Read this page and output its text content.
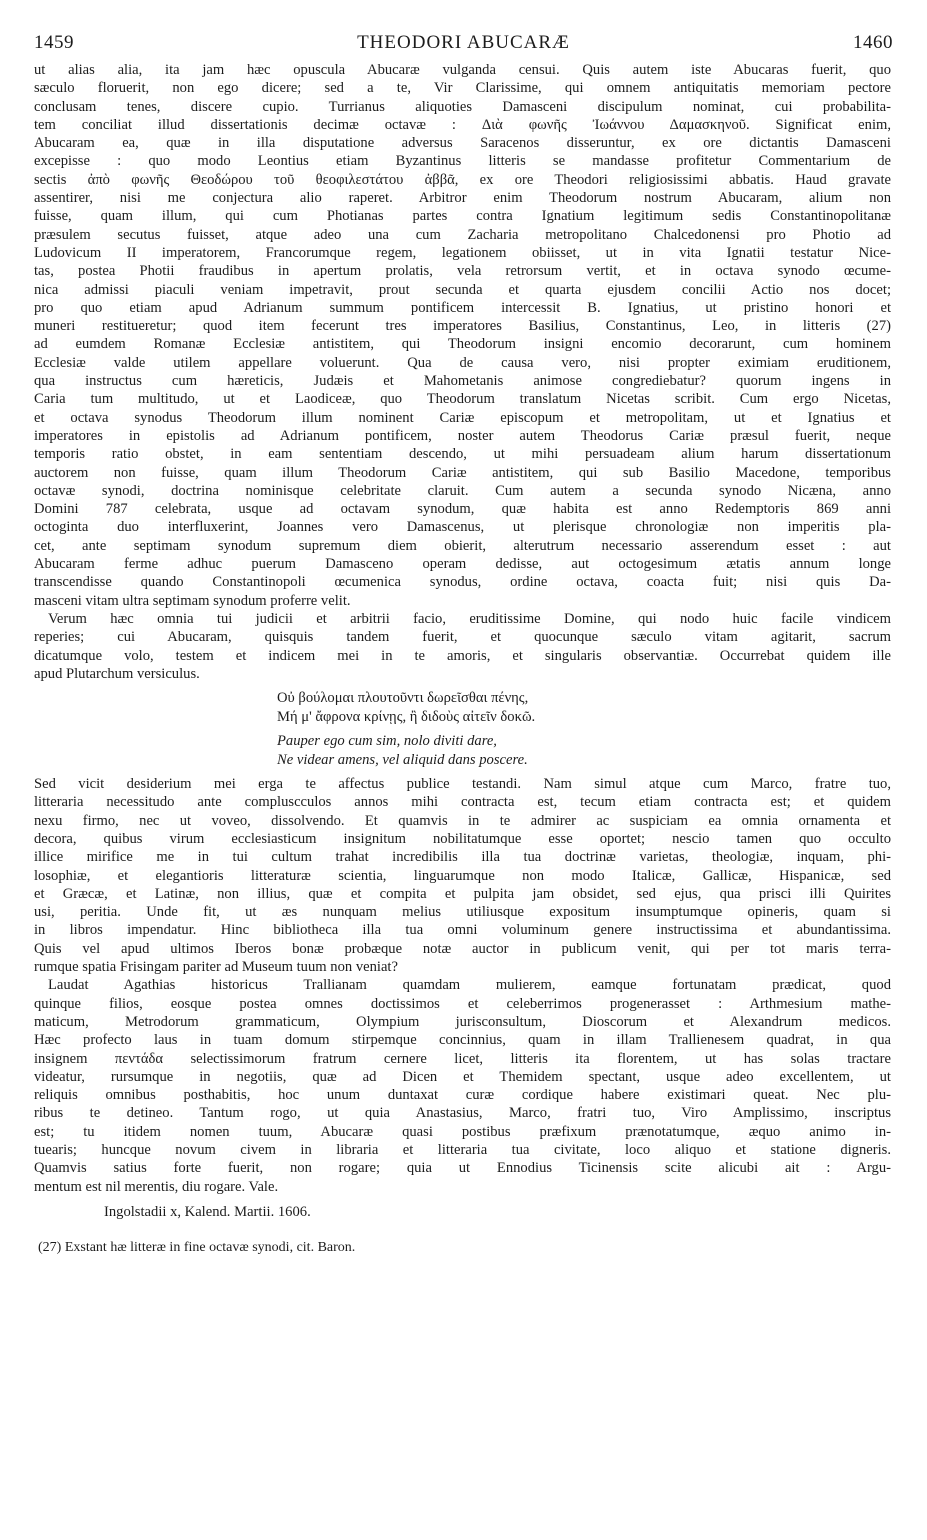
1459	THEODORI ABUCARÆ	1460
ut alias alia, ita jam hæc opuscula Abucaræ vulganda censui. Quis autem iste Abucaras fuerit, quo
sæculo floruerit, non ego dicere; sed a te, Vir Clarissime, qui omnem antiquitatis memoriam pectore
conclusam tenes, discere cupio. Turrianus aliquoties Damasceni discipulum nominat, cui probabilita-
tem conciliat illud dissertationis decimæ octavæ : Διὰ φωνῆς Ἰωάννου Δαμασκηνοῦ. Significat enim,
Abucaram ea, quæ in illa disputatione adversus Saracenos disseruntur, ex ore dictantis Damasceni
excepisse : quo modo Leontius etiam Byzantinus litteris se mandasse profitetur Commentarium de
sectis ἀπὸ φωνῆς Θεοδώρου τοῦ θεοφιλεστάτου ἀββᾶ, ex ore Theodori religiosissimi abbatis. Haud gravate
assentirer, nisi me conjectura alio raperet. Arbitror enim Theodorum nostrum Abucaram, alium non
fuisse, quam illum, qui cum Photianas partes contra Ignatium legitimum sedis Constantinopolitanæ
præsulem secutus fuisset, atque adeo una cum Zacharia metropolitano Chalcedonensi pro Photio ad
Ludovicum II imperatorem, Francorumque regem, legationem obiisset, ut in vita Ignatii testatur Nice-
tas, postea Photii fraudibus in apertum prolatis, vela retrorsum vertit, et in octava synodo œcume-
nica admissi piaculi veniam impetravit, prout secunda et quarta ejusdem concilii Actio nos docet;
pro quo etiam apud Adrianum summum pontificem intercessit B. Ignatius, ut pristino honori et
muneri restitueretur; quod item fecerunt tres imperatores Basilius, Constantinus, Leo, in litteris (27)
ad eumdem Romanæ Ecclesiæ antistitem, qui Theodorum insigni encomio decorarunt, cum hominem
Ecclesiæ valde utilem appellare voluerunt. Qua de causa vero, nisi propter eximiam eruditionem,
qua instructus cum hæreticis, Judæis et Mahometanis animose congrediebatur? quorum ingens in
Caria tum multitudo, ut et Laodiceæ, quo Theodorum translatum Nicetas scribit. Cum ergo Nicetas,
et octava synodus Theodorum illum nominent Cariæ episcopum et metropolitam, ut et Ignatius et
imperatores in epistolis ad Adrianum pontificem, noster autem Theodorus Cariæ præsul fuerit, neque
temporis ratio obstet, in eam sententiam descendo, ut mihi persuadeam alium harum dissertationum
auctorem non fuisse, quam illum Theodorum Cariæ antistitem, qui sub Basilio Macedone, temporibus
octavæ synodi, doctrina nominisque celebritate claruit. Cum autem a secunda synodo Nicæna, anno
Domini 787 celebrata, usque ad octavam synodum, quæ habita est anno Redemptoris 869 anni
octoginta duo interfluxerint, Joannes vero Damascenus, ut plerisque chronologiæ non imperitis pla-
cet, ante septimam synodum supremum diem obierit, alterutrum necessario asserendum esset : aut
Abucaram ferme adhuc puerum Damasceno operam dedisse, aut octogesimum ætatis annum longe
transcendisse quando Constantinopoli œcumenica synodus, ordine octava, coacta fuit; nisi quis Da-
masceni vitam ultra septimam synodum proferre velit.
Verum hæc omnia tui judicii et arbitrii facio, eruditissime Domine, qui nodo huic facile vindicem
reperies; cui Abucaram, quisquis tandem fuerit, et quocunque sæculo vitam agitarit, sacrum
dicatumque volo, testem et indicem mei in te amoris, et singularis observantiæ. Occurrebat quidem ille
apud Plutarchum versiculus.
Οὐ βούλομαι πλουτοῦντι δωρεῖσθαι πένης,
Μή μ' ἄφρονα κρίνῃς, ἢ διδοὺς αἰτεῖν δοκῶ.
Pauper ego cum sim, nolo diviti dare,
Ne videar amens, vel aliquid dans poscere.
Sed vicit desiderium mei erga te affectus publice testandi. Nam simul atque cum Marco, fratre tuo,
litteraria necessitudo ante compluscculos annos mihi contracta est, tecum etiam contracta est; et quidem
nexu firmo, nec ut voveo, dissolvendo. Et quamvis in te admirer ac suspiciam ea omnia ornamenta et
decora, quibus virum ecclesiasticum insignitum nobilitatumque esse oportet; nescio tamen quo occulto
illice mirifice me in tui cultum trahat incredibilis illa tua doctrinæ varietas, theologiæ, inquam, phi-
losophiæ, et elegantioris litteraturæ scientia, linguarumque non modo Italicæ, Gallicæ, Hispanicæ, sed
et Græcæ, et Latinæ, non illius, quæ et compita et pulpita jam obsidet, sed ejus, qua prisci illi Quirites
usi, peritia. Unde fit, ut æs nunquam melius utiliusque expositum insumptumque opineris, quam si
in libros impendatur. Hinc bibliotheca illa tua omni voluminum genere instructissima et abundantissima.
Quis vel apud ultimos Iberos bonæ probæque notæ auctor in publicum venit, qui per tot maris terra-
rumque spatia Frisingam pariter ad Museum tuum non veniat?
Laudat Agathias historicus Trallianam quamdam mulierem, eamque fortunatam prædicat, quod
quinque filios, eosque postea omnes doctissimos et celeberrimos progenerasset : Arthmesium mathe-
maticum, Metrodorum grammaticum, Olympium jurisconsultum, Dioscorum et Alexandrum medicos.
Hæc profecto laus in tuam domum stirpemque concinnius, quam in illam Trallienesem quadrat, in qua
insignem πεντάδα selectissimorum fratrum cernere licet, litteris ita florentem, ut has solas tractare
videatur, rursumque in negotiis, quæ ad Dicen et Themidem spectant, usque adeo excellentem, ut
reliquis omnibus posthabitis, hoc unum duntaxat curæ cordique habere existimari queat. Nec plu-
ribus te detineo. Tantum rogo, ut quia Anastasius, Marco, fratri tuo, Viro Amplissimo, inscriptus
est; tu itidem nomen tuum, Abucaræ quasi postibus præfixum prænotatumque, æquo animo in-
tuearis; huncque novum civem in libraria et litteraria tua civitate, loco aliquo et statione digneris.
Quamvis satius forte fuerit, non rogare; quia ut Ennodius Ticinensis scite alicubi ait : Argu-
mentum est nil merentis, diu rogare. Vale.
Ingolstadii x, Kalend. Martii. 1606.
(27) Exstant hæ litteræ in fine octavæ synodi, cit. Baron.
